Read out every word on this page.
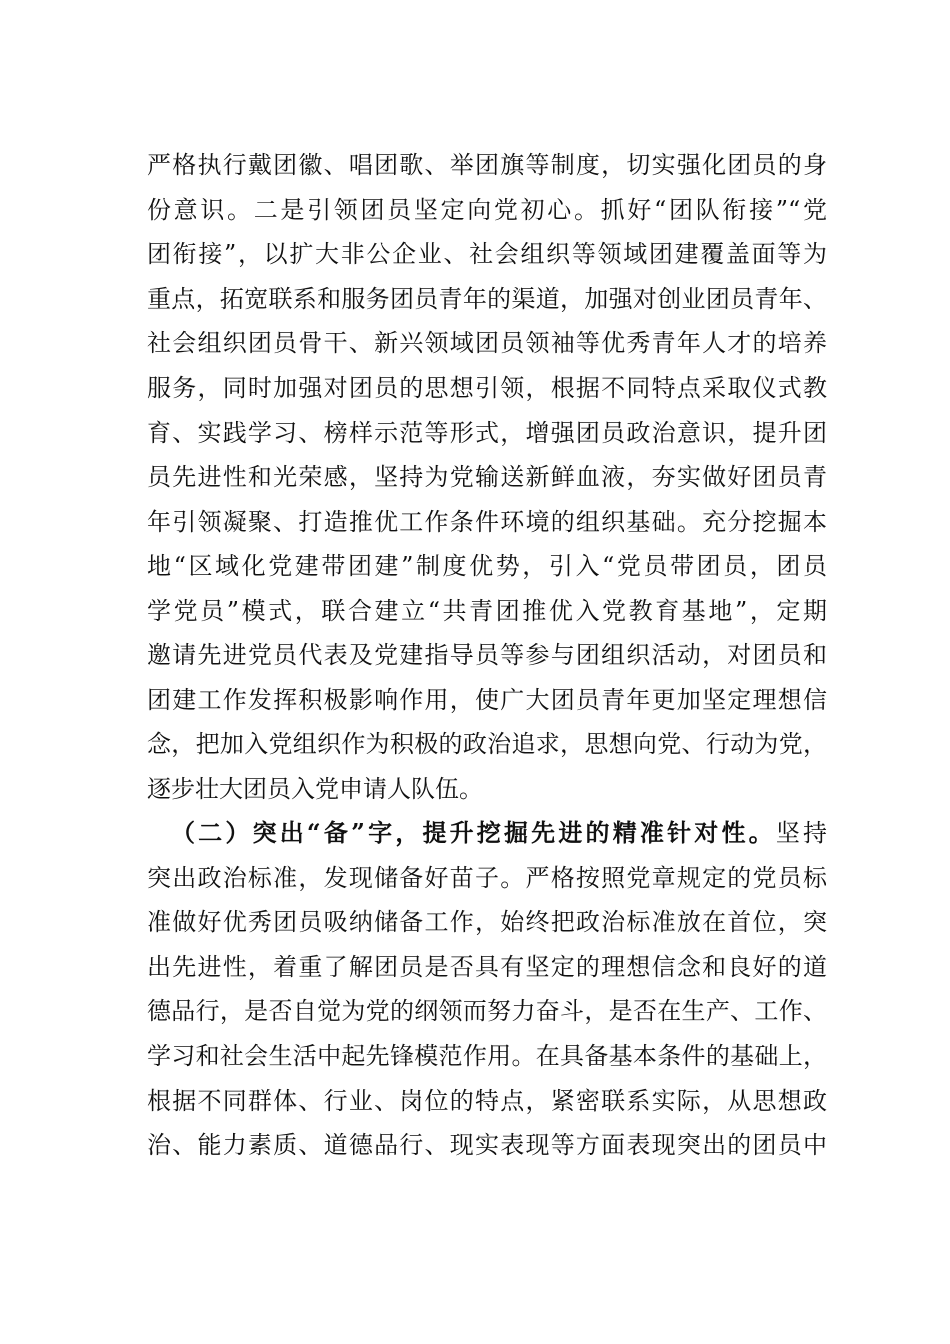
严格执行戴团徽、唱团歌、举团旗等制度，切实强化团员的身
份意识。二是引领团员坚定向党初心。抓好“团队衔接”“党
团衔接”，以扩大非公企业、社会组织等领域团建覆盖面等为
重点，拓宽联系和服务团员青年的渠道，加强对创业团员青年、
社会组织团员骨干、新兴领域团员领袖等优秀青年人才的培养
服务，同时加强对团员的思想引领，根据不同特点采取仪式教
育、实践学习、榜样示范等形式，增强团员政治意识，提升团
员先进性和光荣感，坚持为党输送新鲜血液，夯实做好团员青
年引领凝聚、打造推优工作条件环境的组织基础。充分挖掘本
地“区域化党建带团建”制度优势，引入“党员带团员，团员
学党员”模式，联合建立“共青团推优入党教育基地”，定期
邀请先进党员代表及党建指导员等参与团组织活动，对团员和
团建工作发挥积极影响作用，使广大团员青年更加坚定理想信
念，把加入党组织作为积极的政治追求，思想向党、行动为党，
逐步壮大团员入党申请人队伍。
（二）突出“备”字，提升挖掘先进的精准针对性。坚持
突出政治标准，发现储备好苗子。严格按照党章规定的党员标
准做好优秀团员吸纳储备工作，始终把政治标准放在首位，突
出先进性，着重了解团员是否具有坚定的理想信念和良好的道
德品行，是否自觉为党的纲领而努力奋斗，是否在生产、工作、
学习和社会生活中起先锋模范作用。在具备基本条件的基础上，
根据不同群体、行业、岗位的特点，紧密联系实际，从思想政
治、能力素质、道德品行、现实表现等方面表现突出的团员中
